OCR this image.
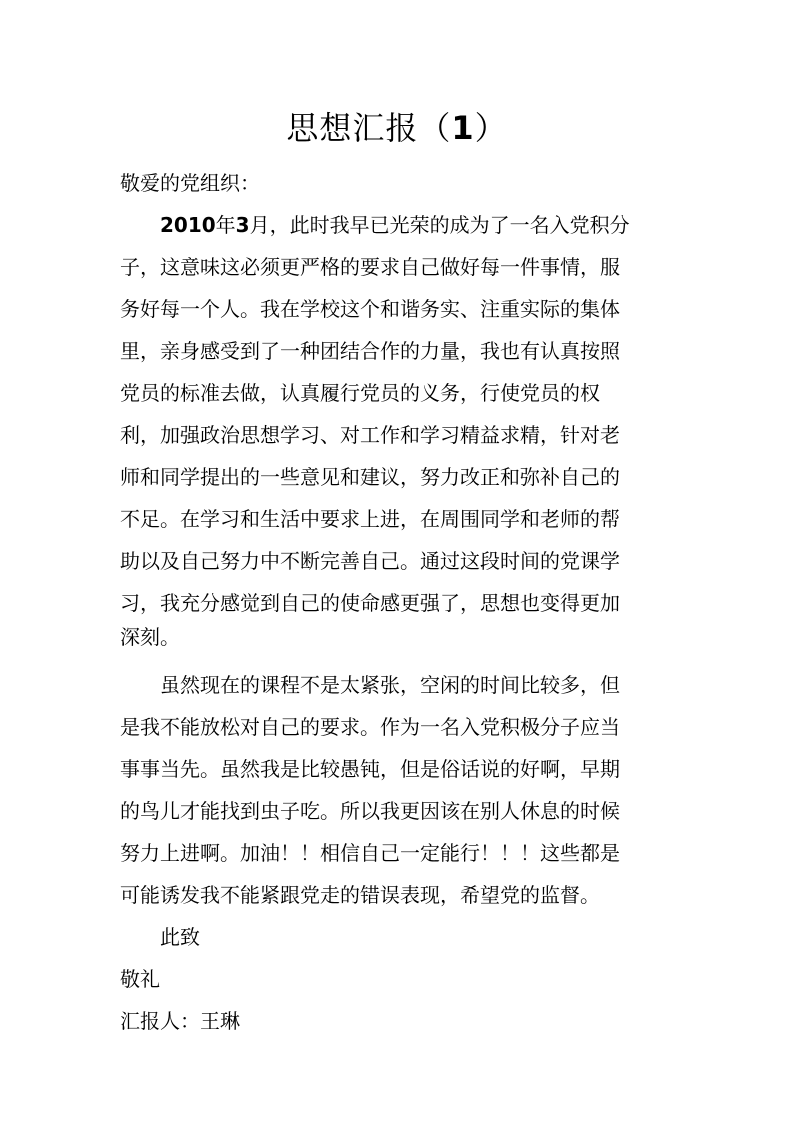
思想汇报（1）
敬爱的党组织：
　　2010年3月，此时我早已光荣的成为了一名入党积分
子，这意味这必须更严格的要求自己做好每一件事情，服
务好每一个人。我在学校这个和谐务实、注重实际的集体
里，亲身感受到了一种团结合作的力量，我也有认真按照
党员的标准去做，认真履行党员的义务，行使党员的权
利，加强政治思想学习、对工作和学习精益求精，针对老
师和同学提出的一些意见和建议，努力改正和弥补自己的
不足。在学习和生活中要求上进，在周围同学和老师的帮
助以及自己努力中不断完善自己。通过这段时间的党课学
习，我充分感觉到自己的使命感更强了，思想也变得更加
深刻。
　　虽然现在的课程不是太紧张，空闲的时间比较多，但
是我不能放松对自己的要求。作为一名入党积极分子应当
事事当先。虽然我是比较愚钝，但是俗话说的好啊，早期
的鸟儿才能找到虫子吃。所以我更因该在别人休息的时候
努力上进啊。加油！！相信自己一定能行！！！这些都是
可能诱发我不能紧跟党走的错误表现，希望党的监督。
　　此致
敬礼
汇报人：王琳
